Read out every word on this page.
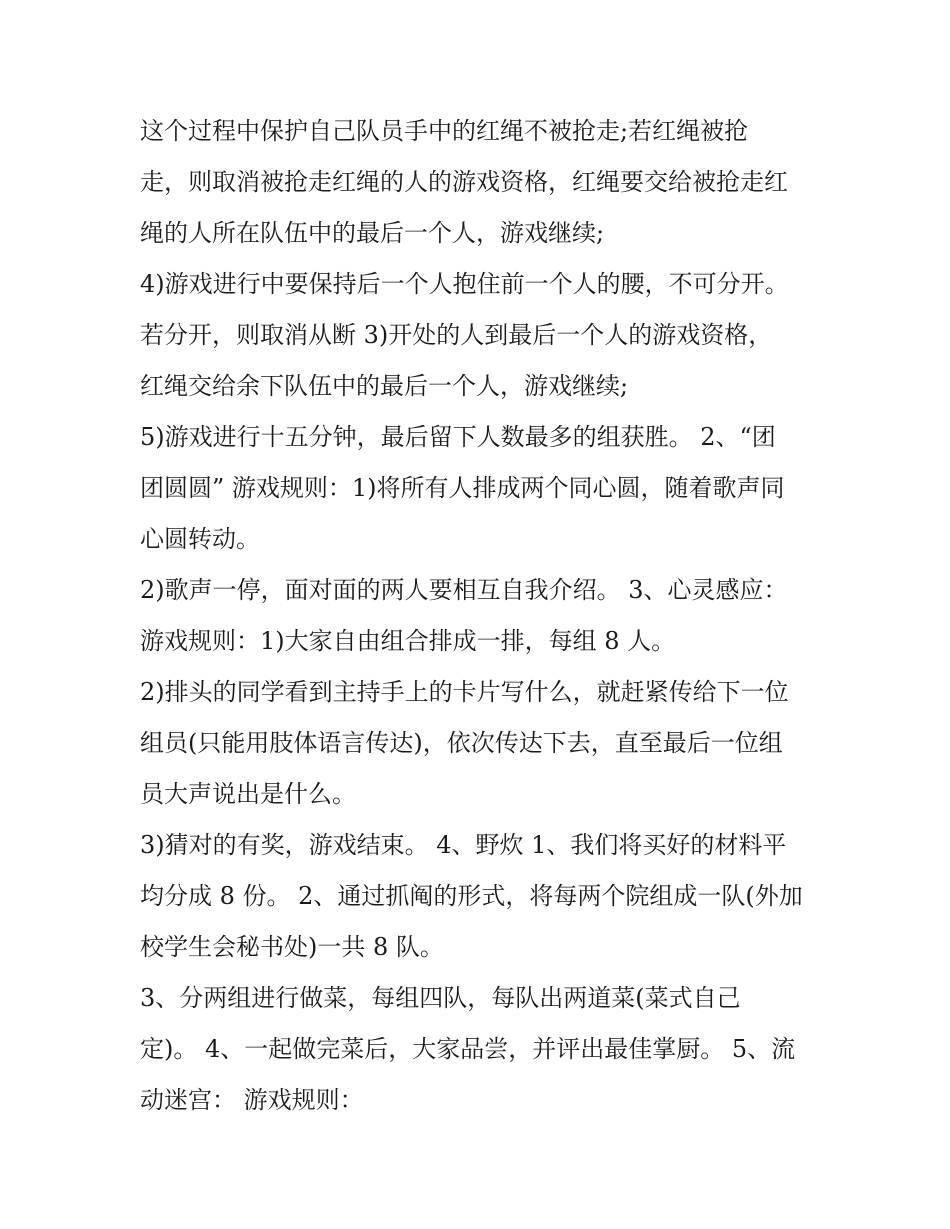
这个过程中保护自己队员手中的红绳不被抢走;若红绳被抢
走，则取消被抢走红绳的人的游戏资格，红绳要交给被抢走红
绳的人所在队伍中的最后一个人，游戏继续;
4)游戏进行中要保持后一个人抱住前一个人的腰，不可分开。
若分开，则取消从断 3)开处的人到最后一个人的游戏资格，
红绳交给余下队伍中的最后一个人，游戏继续;
5)游戏进行十五分钟，最后留下人数最多的组获胜。 2、“团
团圆圆” 游戏规则：1)将所有人排成两个同心圆，随着歌声同
心圆转动。
2)歌声一停，面对面的两人要相互自我介绍。 3、心灵感应：
游戏规则：1)大家自由组合排成一排，每组 8 人。
2)排头的同学看到主持手上的卡片写什么，就赶紧传给下一位
组员(只能用肢体语言传达)，依次传达下去，直至最后一位组
员大声说出是什么。
3)猜对的有奖，游戏结束。 4、野炊 1、我们将买好的材料平
均分成 8 份。 2、通过抓阄的形式，将每两个院组成一队(外加
校学生会秘书处)一共 8 队。
3、分两组进行做菜，每组四队，每队出两道菜(菜式自己
定)。 4、一起做完菜后，大家品尝，并评出最佳掌厨。 5、流
动迷宫： 游戏规则：
